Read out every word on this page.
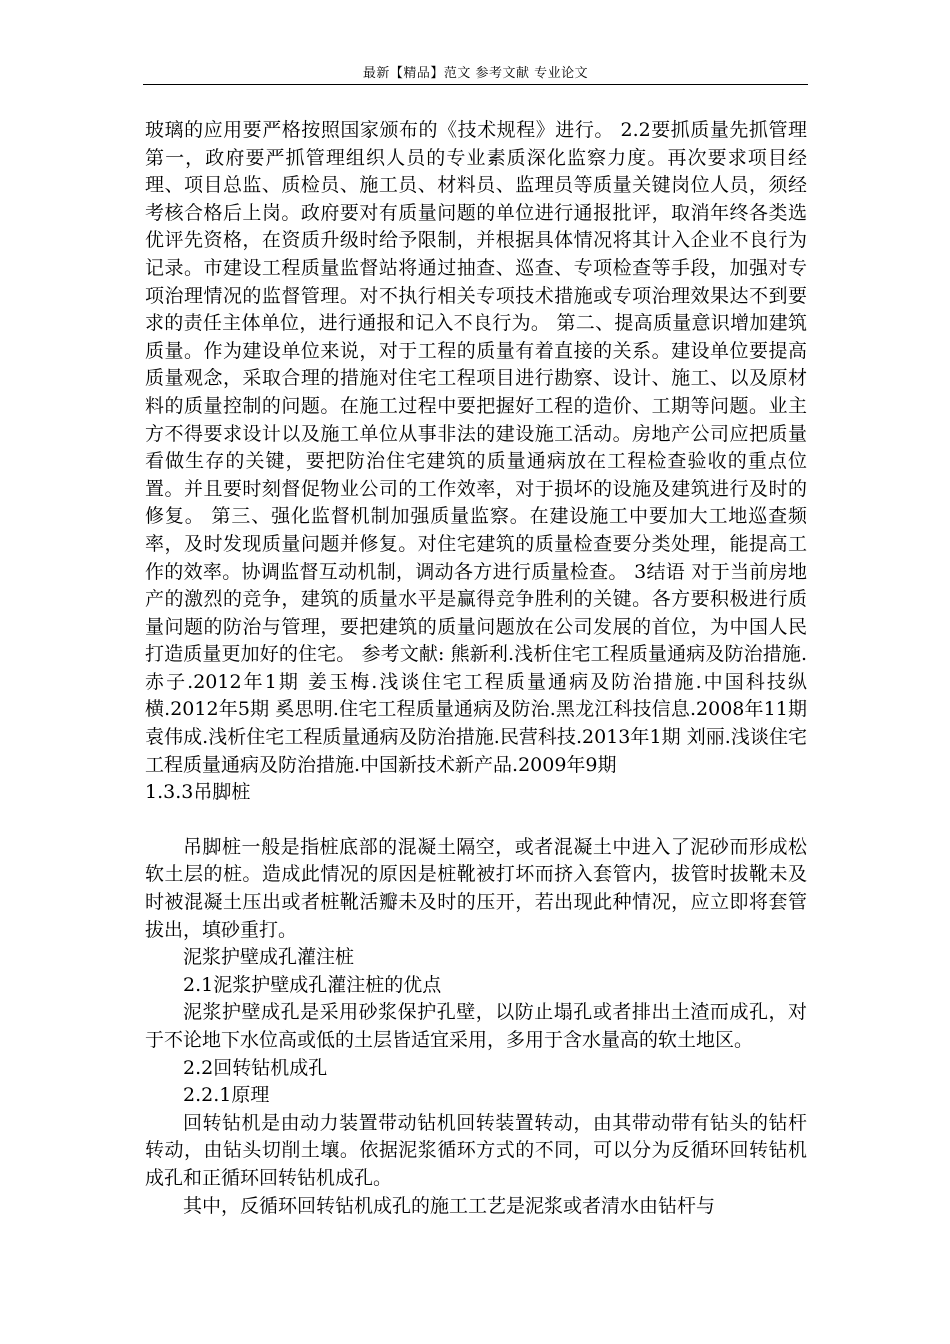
最新【精品】范文 参考文献 专业论文

玻璃的应用要严格按照国家颁布的《技术规程》进行。 2.2要抓质量先抓管理 第一，政府要严抓管理组织人员的专业素质深化监察力度。再次要求项目经理、项目总监、质检员、施工员、材料员、监理员等质量关键岗位人员，须经考核合格后上岗。政府要对有质量问题的单位进行通报批评，取消年终各类选优评先资格，在资质升级时给予限制，并根据具体情况将其计入企业不良行为记录。市建设工程质量监督站将通过抽查、巡查、专项检查等手段，加强对专项治理情况的监督管理。对不执行相关专项技术措施或专项治理效果达不到要求的责任主体单位，进行通报和记入不良行为。 第二、提高质量意识增加建筑质量。作为建设单位来说，对于工程的质量有着直接的关系。建设单位要提高质量观念，采取合理的措施对住宅工程项目进行勘察、设计、施工、以及原材料的质量控制的问题。在施工过程中要把握好工程的造价、工期等问题。业主方不得要求设计以及施工单位从事非法的建设施工活动。房地产公司应把质量看做生存的关键，要把防治住宅建筑的质量通病放在工程检查验收的重点位置。并且要时刻督促物业公司的工作效率，对于损坏的设施及建筑进行及时的修复。 第三、强化监督机制加强质量监察。在建设施工中要加大工地巡查频率，及时发现质量问题并修复。对住宅建筑的质量检查要分类处理，能提高工作的效率。协调监督互动机制，调动各方进行质量检查。 3结语 对于当前房地产的激烈的竞争，建筑的质量水平是赢得竞争胜利的关键。各方要积极进行质量问题的防治与管理，要把建筑的质量问题放在公司发展的首位，为中国人民打造质量更加好的住宅。 参考文献: 熊新利.浅析住宅工程质量通病及防治措施.赤子.2012年1期 姜玉梅.浅谈住宅工程质量通病及防治措施.中国科技纵横.2012年5期 奚思明.住宅工程质量通病及防治.黑龙江科技信息.2008年11期 袁伟成.浅析住宅工程质量通病及防治措施.民营科技.2013年1期 刘丽.浅谈住宅工程质量通病及防治措施.中国新技术新产品.2009年9期

1.3.3吊脚桩

吊脚桩一般是指桩底部的混凝土隔空，或者混凝土中进入了泥砂而形成松软土层的桩。造成此情况的原因是桩靴被打坏而挤入套管内，拔管时拔靴未及时被混凝土压出或者桩靴活瓣未及时的压开，若出现此种情况，应立即将套管拔出，填砂重打。

泥浆护壁成孔灌注桩

2.1泥浆护壁成孔灌注桩的优点

泥浆护壁成孔是采用砂浆保护孔壁，以防止塌孔或者排出土渣而成孔，对于不论地下水位高或低的土层皆适宜采用，多用于含水量高的软土地区。

2.2回转钻机成孔

2.2.1原理

回转钻机是由动力装置带动钻机回转装置转动，由其带动带有钻头的钻杆转动，由钻头切削土壤。依据泥浆循环方式的不同，可以分为反循环回转钻机成孔和正循环回转钻机成孔。

其中，反循环回转钻机成孔的施工工艺是泥浆或者清水由钻杆与
